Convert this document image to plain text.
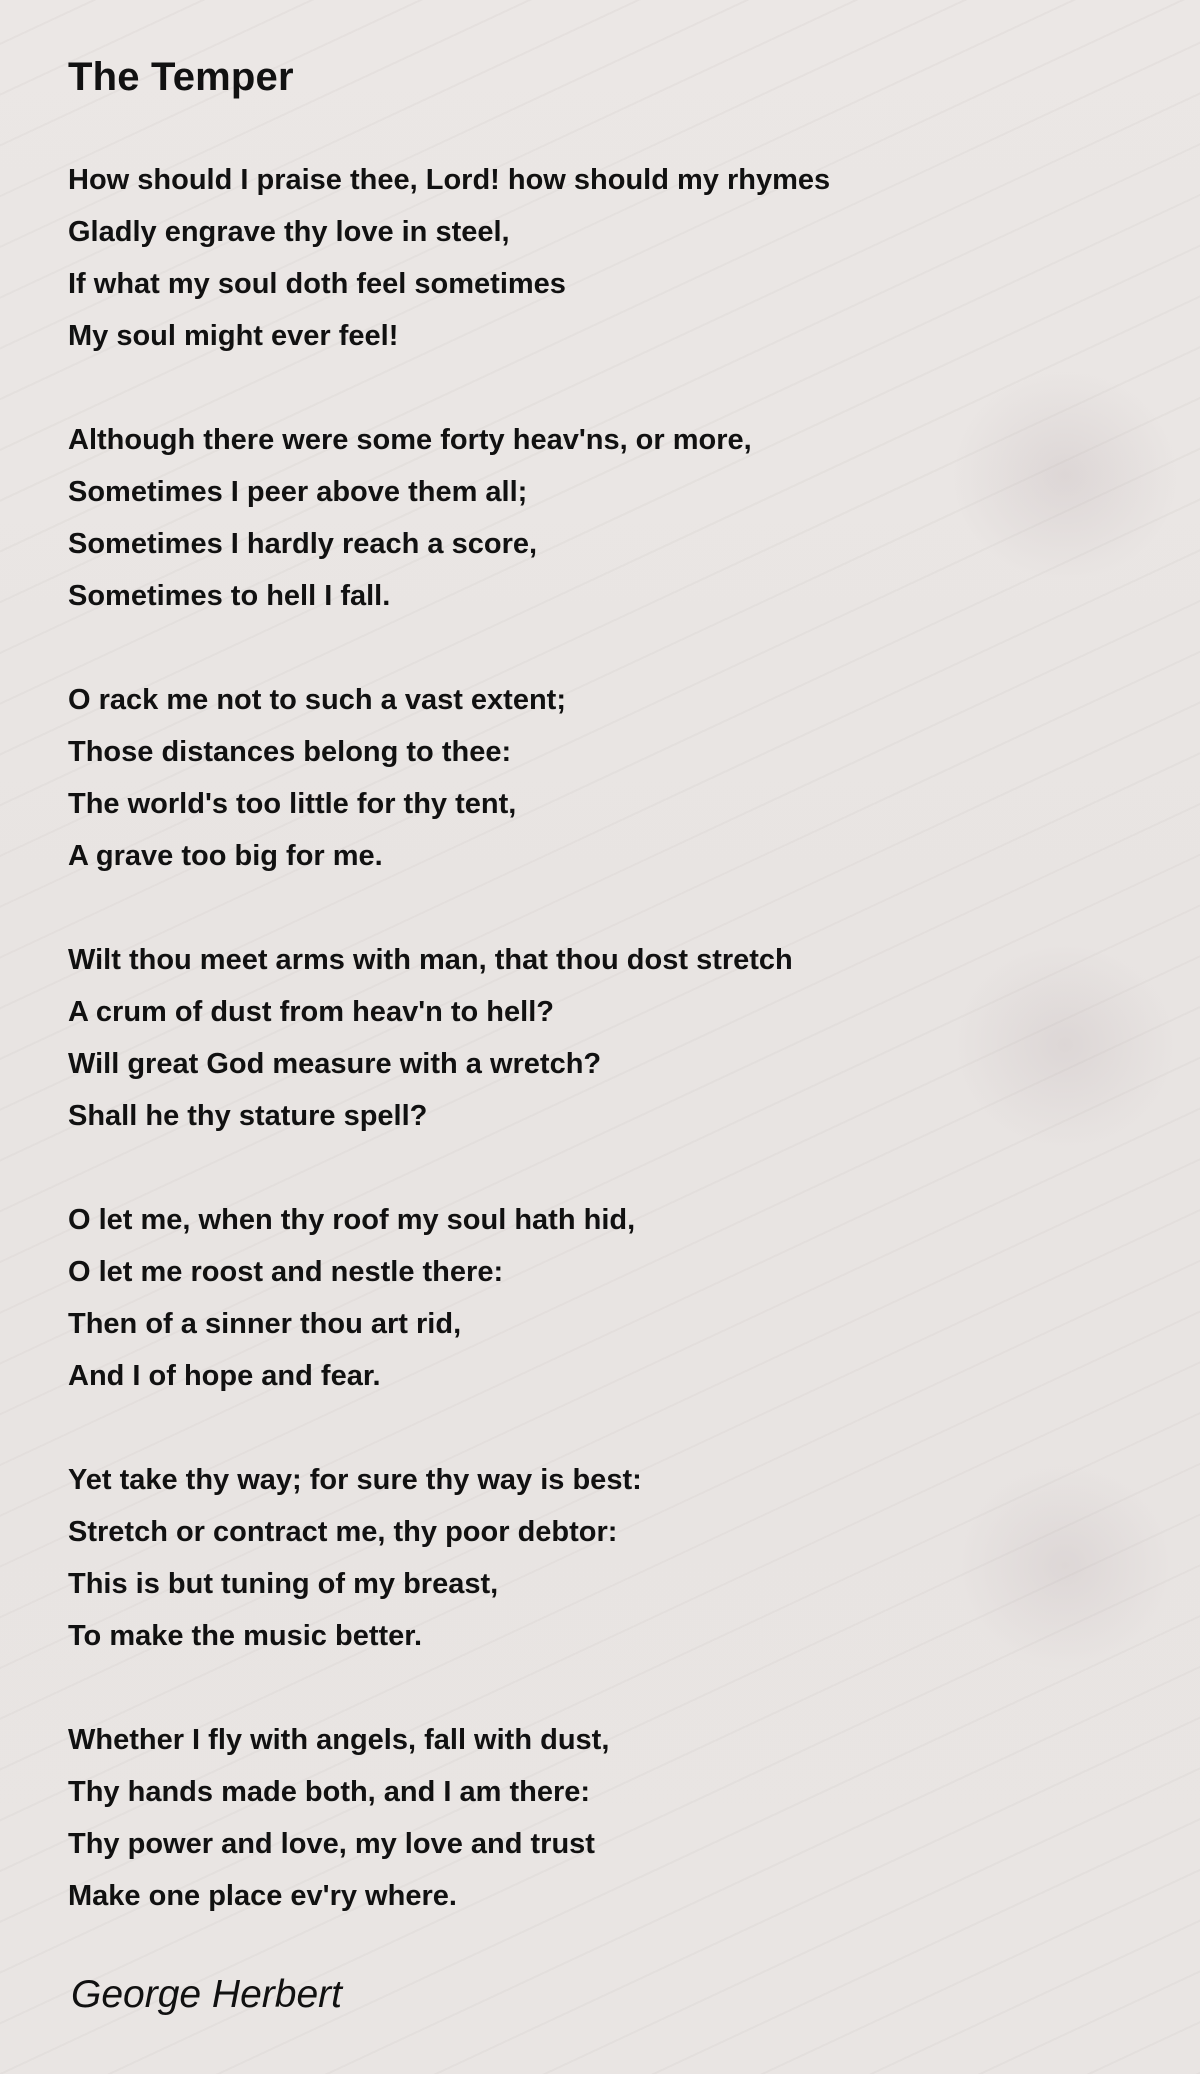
The Temper
How should I praise thee, Lord! how should my rhymes
Gladly engrave thy love in steel,
If what my soul doth feel sometimes
My soul might ever feel!
Although there were some forty heav'ns, or more,
Sometimes I peer above them all;
Sometimes I hardly reach a score,
Sometimes to hell I fall.
O rack me not to such a vast extent;
Those distances belong to thee:
The world's too little for thy tent,
A grave too big for me.
Wilt thou meet arms with man, that thou dost stretch
A crum of dust from heav'n to hell?
Will great God measure with a wretch?
Shall he thy stature spell?
O let me, when thy roof my soul hath hid,
O let me roost and nestle there:
Then of a sinner thou art rid,
And I of hope and fear.
Yet take thy way; for sure thy way is best:
Stretch or contract me, thy poor debtor:
This is but tuning of my breast,
To make the music better.
Whether I fly with angels, fall with dust,
Thy hands made both, and I am there:
Thy power and love, my love and trust
Make one place ev'ry where.
George Herbert
